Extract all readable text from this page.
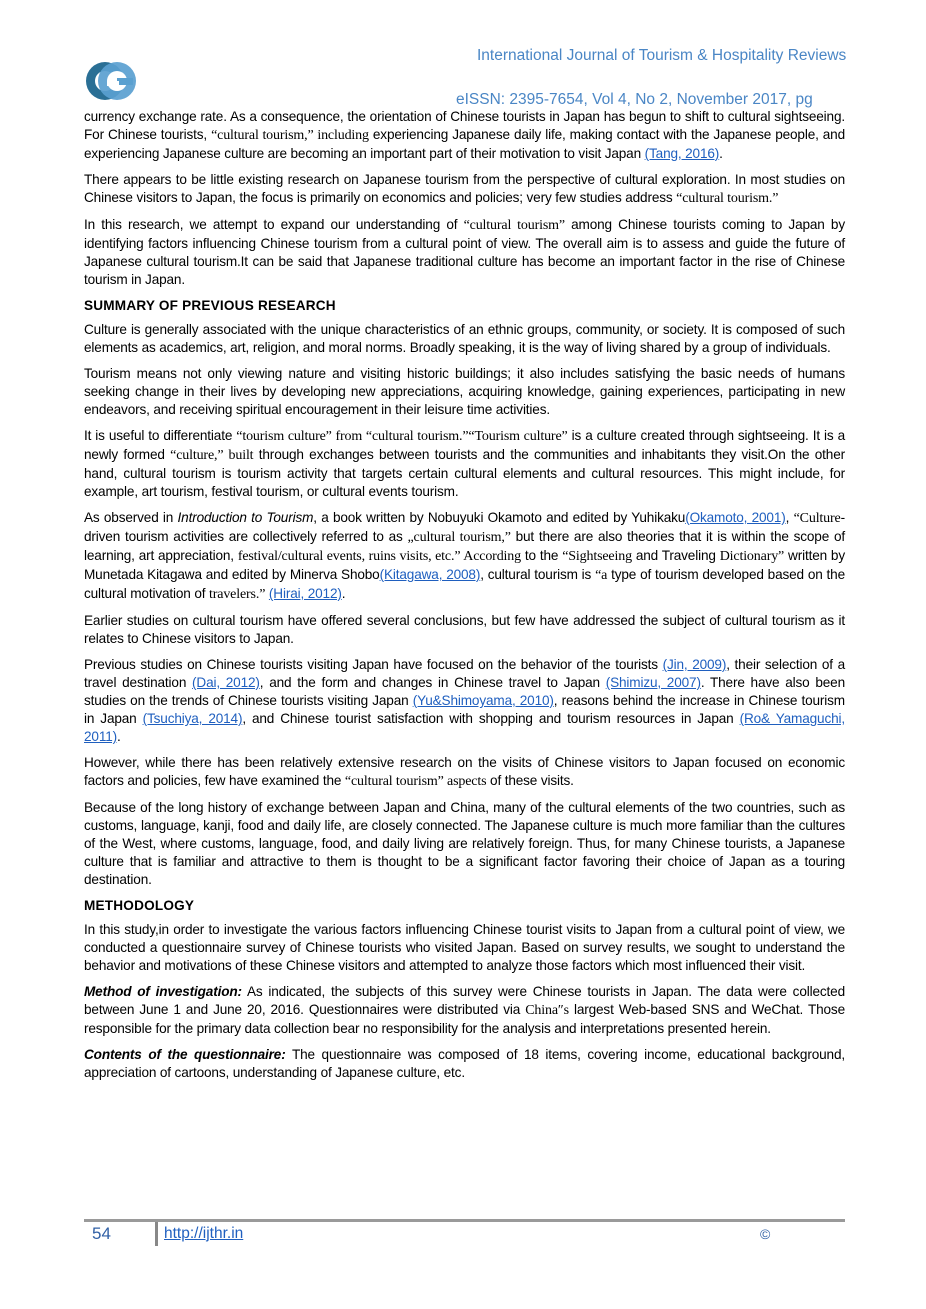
International Journal of Tourism & Hospitality Reviews
eISSN: 2395-7654, Vol 4, No 2, November 2017, pg

currency exchange rate. As a consequence, the orientation of Chinese tourists in Japan has begun to shift to cultural sightseeing. For Chinese tourists, “cultural tourism,” including experiencing Japanese daily life, making contact with the Japanese people, and experiencing Japanese culture are becoming an important part of their motivation to visit Japan (Tang, 2016).

There appears to be little existing research on Japanese tourism from the perspective of cultural exploration. In most studies on Chinese visitors to Japan, the focus is primarily on economics and policies; very few studies address “cultural tourism.”

In this research, we attempt to expand our understanding of “cultural tourism” among Chinese tourists coming to Japan by identifying factors influencing Chinese tourism from a cultural point of view. The overall aim is to assess and guide the future of Japanese cultural tourism.It can be said that Japanese traditional culture has become an important factor in the rise of Chinese tourism in Japan.

SUMMARY OF PREVIOUS RESEARCH

Culture is generally associated with the unique characteristics of an ethnic groups, community, or society. It is composed of such elements as academics, art, religion, and moral norms. Broadly speaking, it is the way of living shared by a group of individuals.

Tourism means not only viewing nature and visiting historic buildings; it also includes satisfying the basic needs of humans seeking change in their lives by developing new appreciations, acquiring knowledge, gaining experiences, participating in new endeavors, and receiving spiritual encouragement in their leisure time activities.

It is useful to differentiate “tourism culture” from “cultural tourism.”“Tourism culture” is a culture created through sightseeing. It is a newly formed “culture,” built through exchanges between tourists and the communities and inhabitants they visit.On the other hand, cultural tourism is tourism activity that targets certain cultural elements and cultural resources. This might include, for example, art tourism, festival tourism, or cultural events tourism.

As observed in Introduction to Tourism, a book written by Nobuyuki Okamoto and edited by Yuhikaku(Okamoto, 2001), “Culture-driven tourism activities are collectively referred to as „cultural tourism,” but there are also theories that it is within the scope of learning, art appreciation, festival/cultural events, ruins visits, etc.” According to the “Sightseeing and Traveling Dictionary” written by Munetada Kitagawa and edited by Minerva Shobo(Kitagawa, 2008), cultural tourism is “a type of tourism developed based on the cultural motivation of travelers.” (Hirai, 2012).

Earlier studies on cultural tourism have offered several conclusions, but few have addressed the subject of cultural tourism as it relates to Chinese visitors to Japan.

Previous studies on Chinese tourists visiting Japan have focused on the behavior of the tourists (Jin, 2009), their selection of a travel destination (Dai, 2012), and the form and changes in Chinese travel to Japan (Shimizu, 2007). There have also been studies on the trends of Chinese tourists visiting Japan (Yu&Shimoyama, 2010), reasons behind the increase in Chinese tourism in Japan (Tsuchiya, 2014), and Chinese tourist satisfaction with shopping and tourism resources in Japan (Ro& Yamaguchi, 2011).

However, while there has been relatively extensive research on the visits of Chinese visitors to Japan focused on economic factors and policies, few have examined the “cultural tourism” aspects of these visits.

Because of the long history of exchange between Japan and China, many of the cultural elements of the two countries, such as customs, language, kanji, food and daily life, are closely connected. The Japanese culture is much more familiar than the cultures of the West, where customs, language, food, and daily living are relatively foreign. Thus, for many Chinese tourists, a Japanese culture that is familiar and attractive to them is thought to be a significant factor favoring their choice of Japan as a touring destination.

METHODOLOGY

In this study,in order to investigate the various factors influencing Chinese tourist visits to Japan from a cultural point of view, we conducted a questionnaire survey of Chinese tourists who visited Japan. Based on survey results, we sought to understand the behavior and motivations of these Chinese visitors and attempted to analyze those factors which most influenced their visit.

Method of investigation: As indicated, the subjects of this survey were Chinese tourists in Japan. The data were collected between June 1 and June 20, 2016. Questionnaires were distributed via China″s largest Web-based SNS and WeChat. Those responsible for the primary data collection bear no responsibility for the analysis and interpretations presented herein.

Contents of the questionnaire: The questionnaire was composed of 18 items, covering income, educational background, appreciation of cartoons, understanding of Japanese culture, etc.

54	http://ijthr.in	©
